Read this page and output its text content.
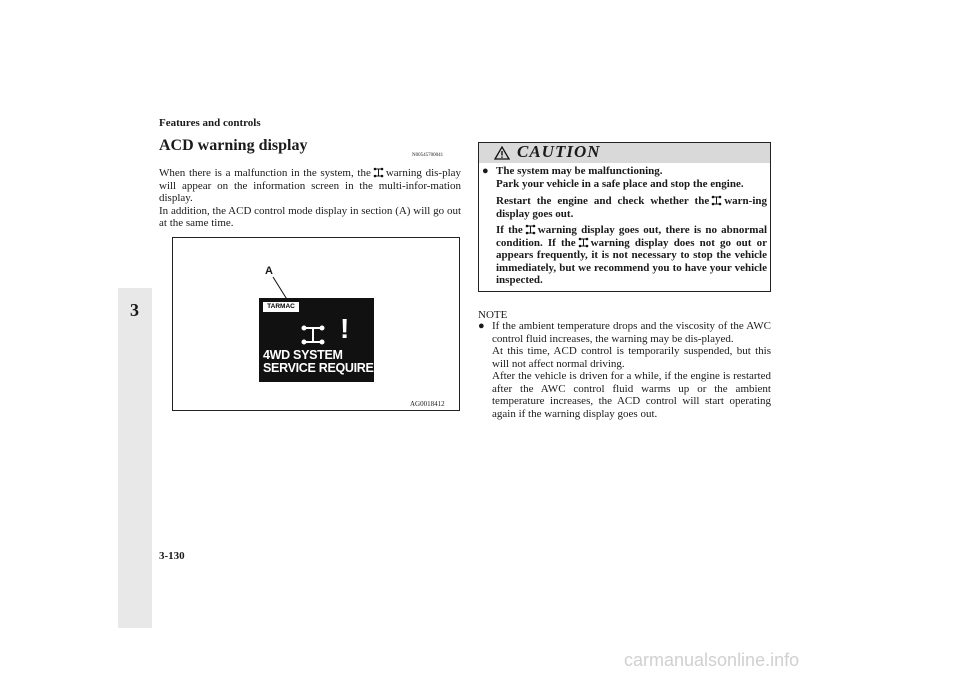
Features and controls
3
ACD warning display
N00545700041

When there is a malfunction in the system, the warning dis-play will appear on the information screen in the multi-infor-mation display.

In addition, the ACD control mode display in section (A) will go out at the same time.

A
TARMAC
!
4WD SYSTEM
SERVICE REQUIRED
AG0018412
CAUTION
● The system may be malfunctioning.
Park your vehicle in a safe place and stop the engine.
Restart the engine and check whether the warn-ing display goes out.
If the warning display goes out, there is no abnormal condition. If the warning display does not go out or appears frequently, it is not necessary to stop the vehicle immediately, but we recommend you to have your vehicle inspected.
NOTE
● If the ambient temperature drops and the viscosity of the AWC control fluid increases, the warning may be dis-played.
At this time, ACD control is temporarily suspended, but this will not affect normal driving.
After the vehicle is driven for a while, if the engine is restarted after the AWC control fluid warms up or the ambient temperature increases, the ACD control will start operating again if the warning display goes out.
3-130
carmanualsonline.info
